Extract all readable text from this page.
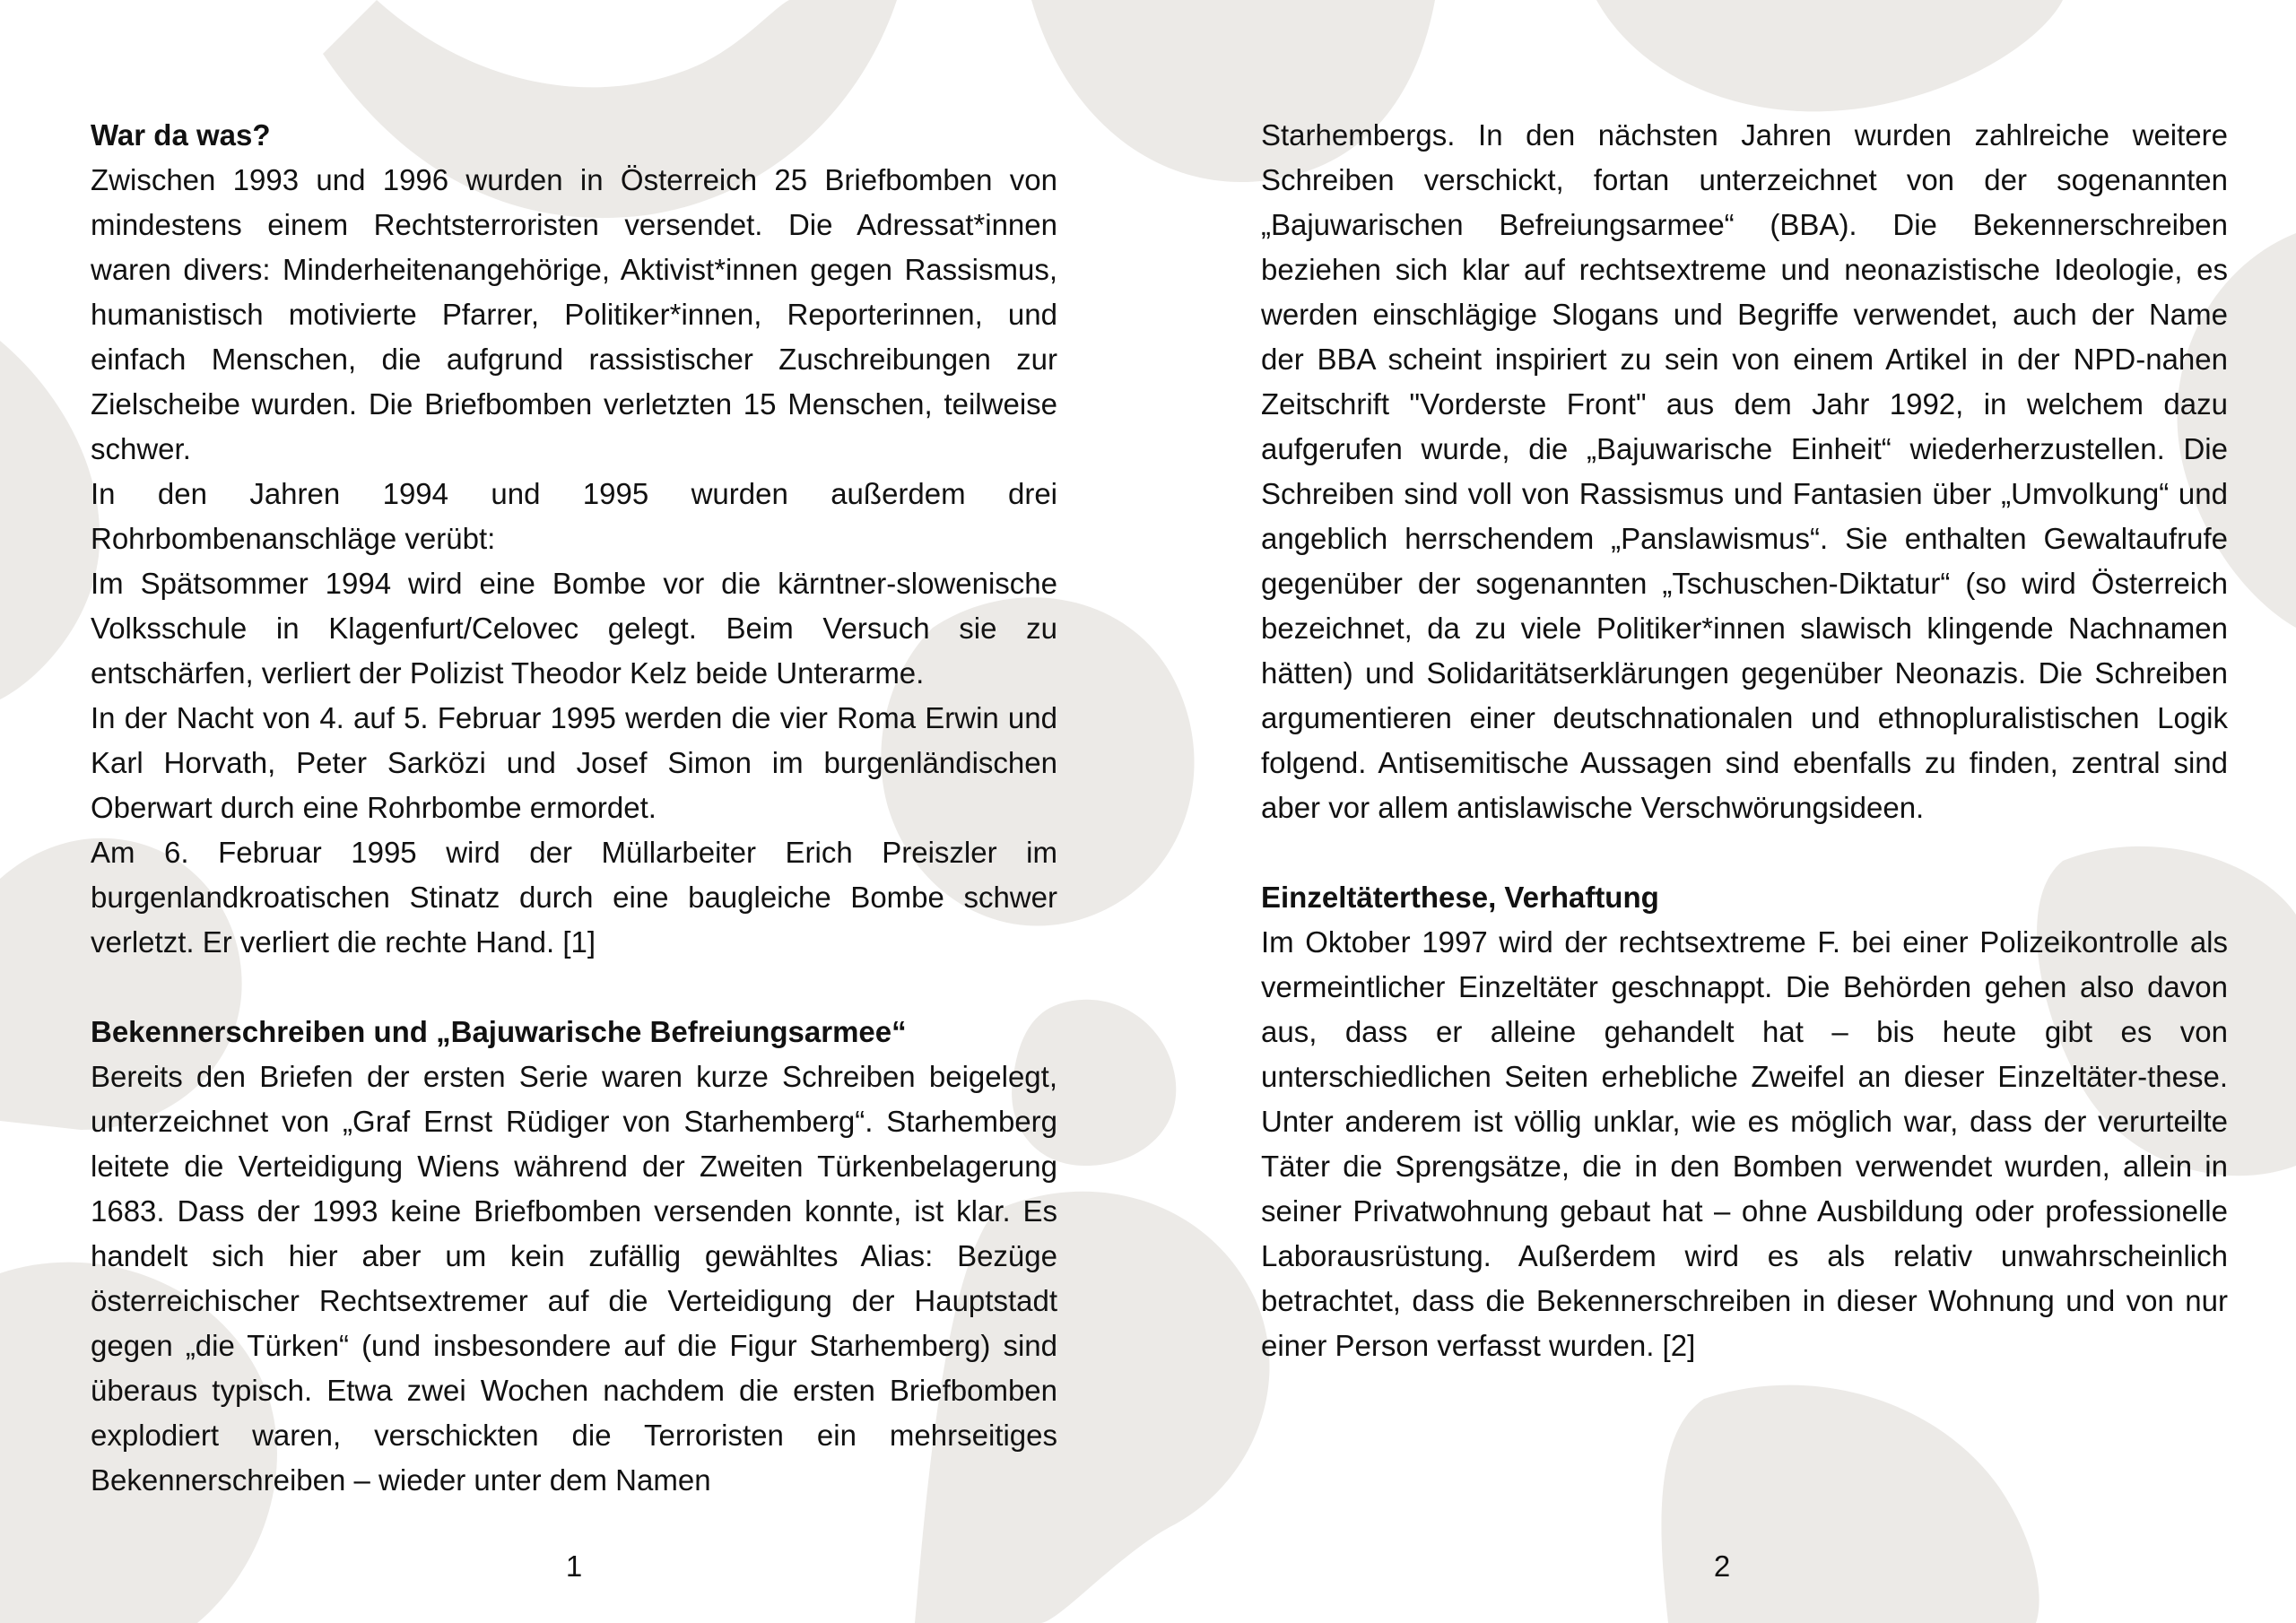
War da was?

Zwischen 1993 und 1996 wurden in Österreich 25 Briefbomben von mindestens einem Rechtsterroristen versendet. Die Adressat*innen waren divers: Minderheitenangehörige, Aktivist*innen gegen Rassismus, humanistisch motivierte Pfarrer, Politiker*innen, Reporterinnen, und einfach Menschen, die aufgrund rassistischer Zuschreibungen zur Zielscheibe wurden. Die Briefbomben verletzten 15 Menschen, teilweise schwer.

In den Jahren 1994 und 1995 wurden außerdem drei Rohrbombenanschläge verübt:

Im Spätsommer 1994 wird eine Bombe vor die kärntner-slowenische Volksschule in Klagenfurt/Celovec gelegt. Beim Versuch sie zu entschärfen, verliert der Polizist Theodor Kelz beide Unterarme.

In der Nacht von 4. auf 5. Februar 1995 werden die vier Roma Erwin und Karl Horvath, Peter Sarközi und Josef Simon im burgenländischen Oberwart durch eine Rohrbombe ermordet.

Am 6. Februar 1995 wird der Müllarbeiter Erich Preiszler im burgenlandkroatischen Stinatz durch eine baugleiche Bombe schwer verletzt. Er verliert die rechte Hand. [1]

Bekennerschreiben und „Bajuwarische Befreiungsarmee“

Bereits den Briefen der ersten Serie waren kurze Schreiben beigelegt, unterzeichnet von „Graf Ernst Rüdiger von Starhemberg“. Starhemberg leitete die Verteidigung Wiens während der Zweiten Türkenbelagerung 1683. Dass der 1993 keine Briefbomben versenden konnte, ist klar. Es handelt sich hier aber um kein zufällig gewähltes Alias: Bezüge österreichischer Rechtsextremer auf die Verteidigung der Hauptstadt gegen „die Türken“ (und insbesondere auf die Figur Starhemberg) sind überaus typisch. Etwa zwei Wochen nachdem die ersten Briefbomben explodiert waren, verschickten die Terroristen ein mehrseitiges Bekennerschreiben – wieder unter dem Namen

1

Starhembergs. In den nächsten Jahren wurden zahlreiche weitere Schreiben verschickt, fortan unterzeichnet von der sogenannten „Bajuwarischen Befreiungsarmee“ (BBA). Die Bekennerschreiben beziehen sich klar auf rechtsextreme und neonazistische Ideologie, es werden einschlägige Slogans und Begriffe verwendet, auch der Name der BBA scheint inspiriert zu sein von einem Artikel in der NPD-nahen Zeitschrift "Vorderste Front" aus dem Jahr 1992, in welchem dazu aufgerufen wurde, die „Bajuwarische Einheit“ wiederherzustellen. Die Schreiben sind voll von Rassismus und Fantasien über „Umvolkung“ und angeblich herrschendem „Panslawismus“. Sie enthalten Gewaltaufrufe gegenüber der sogenannten „Tschuschen-Diktatur“ (so wird Österreich bezeichnet, da zu viele Politiker*innen slawisch klingende Nachnamen hätten) und Solidaritätserklärungen gegenüber Neonazis. Die Schreiben argumentieren einer deutschnationalen und ethnopluralistischen Logik folgend. Antisemitische Aussagen sind ebenfalls zu finden, zentral sind aber vor allem antislawische Verschwörungsideen.

Einzeltäterthese, Verhaftung

Im Oktober 1997 wird der rechtsextreme F. bei einer Polizeikontrolle als vermeintlicher Einzeltäter geschnappt. Die Behörden gehen also davon aus, dass er alleine gehandelt hat – bis heute gibt es von unterschiedlichen Seiten erhebliche Zweifel an dieser Einzeltäter-these. Unter anderem ist völlig unklar, wie es möglich war, dass der verurteilte Täter die Sprengsätze, die in den Bomben verwendet wurden, allein in seiner Privatwohnung gebaut hat – ohne Ausbildung oder professionelle Laborausrüstung. Außerdem wird es als relativ unwahrscheinlich betrachtet, dass die Bekennerschreiben in dieser Wohnung und von nur einer Person verfasst wurden. [2]

2
